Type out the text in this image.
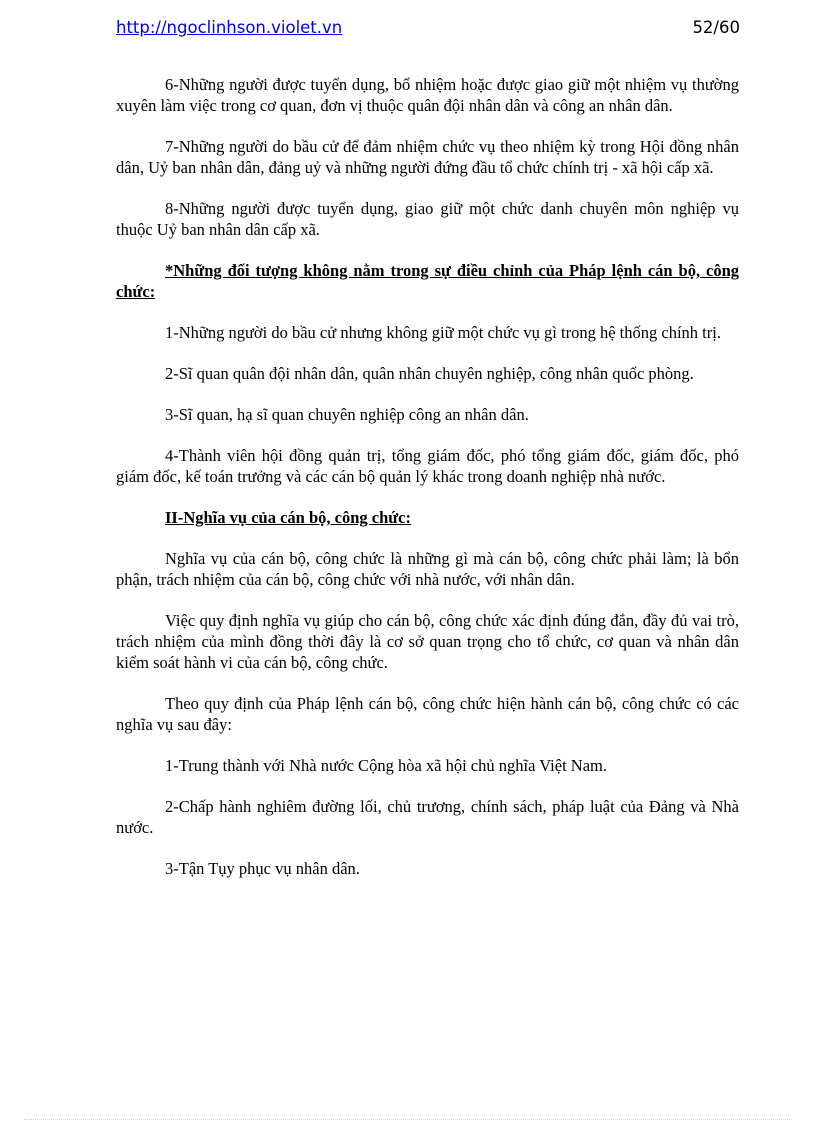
http://ngoclinhson.violet.vn	52/60

6-Những người được tuyển dụng, bổ nhiệm hoặc được giao giữ một nhiệm vụ thường xuyên làm việc trong cơ quan, đơn vị thuộc quân đội nhân dân và công an nhân dân.

7-Những người do bầu cử để đảm nhiệm chức vụ theo nhiệm kỳ trong Hội đồng nhân dân, Uỷ ban nhân dân, đảng uỷ và những người đứng đầu tổ chức chính trị - xã hội cấp xã.

8-Những người được tuyển dụng, giao giữ một chức danh chuyên môn nghiệp vụ thuộc Uỷ ban nhân dân cấp xã.

*Những đối tượng không nằm trong sự điều chỉnh của Pháp lệnh cán bộ, công chức:

1-Những người do bầu cử nhưng không giữ một chức vụ gì trong hệ thống chính trị.

2-Sĩ quan quân đội nhân dân, quân nhân chuyên nghiệp, công nhân quốc phòng.

3-Sĩ quan, hạ sĩ quan chuyên nghiệp công an nhân dân.

4-Thành viên hội đồng quản trị, tổng giám đốc, phó tổng giám đốc, giám đốc, phó giám đốc, kế toán trưởng và các cán bộ quản lý khác trong doanh nghiệp nhà nước.

II-Nghĩa vụ của cán bộ, công chức:

Nghĩa vụ của cán bộ, công chức là những gì mà cán bộ, công chức phải làm; là bổn phận, trách nhiệm của cán bộ, công chức với nhà nước, với nhân dân.

Việc quy định nghĩa vụ giúp cho cán bộ, công chức xác định đúng đắn, đầy đủ vai trò, trách nhiệm của mình đồng thời đây là cơ sở quan trọng cho tổ chức, cơ quan và nhân dân kiểm soát hành vi của cán bộ, công chức.

Theo quy định của Pháp lệnh cán bộ, công chức hiện hành cán bộ, công chức có các nghĩa vụ sau đây:

1-Trung thành với Nhà nước Cộng hòa xã hội chủ nghĩa Việt Nam.

2-Chấp hành nghiêm đường lối, chủ trương, chính sách, pháp luật của Đảng và Nhà nước.

3-Tận Tụy phục vụ nhân dân.
